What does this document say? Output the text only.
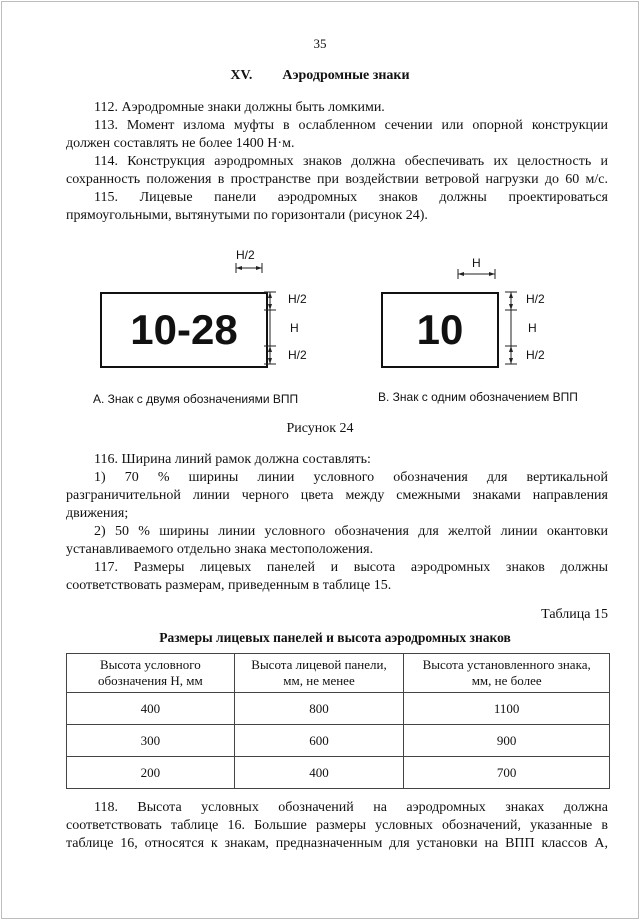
35
XV. Аэродромные знаки
112. Аэродромные знаки должны быть ломкими.
113. Момент излома муфты в ослабленном сечении или опорной конструкции
должен составлять не более 1400 Н·м.
114. Конструкция аэродромных знаков должна обеспечивать их целостность и
сохранность положения в пространстве при воздействии ветровой нагрузки до 60 м/с.
115. Лицевые панели аэродромных знаков должны проектироваться
прямоугольными, вытянутыми по горизонтали (рисунок 24).
10-28	10
H/2
H/2
H
H/2
H
H/2
H
H/2
А. Знак с двумя обозначениями ВПП	В. Знак с одним обозначением ВПП
Рисунок 24
116. Ширина линий рамок должна составлять:
1) 70 % ширины линии условного обозначения для вертикальной
разграничительной линии черного цвета между смежными знаками направления
движения;
2) 50 % ширины линии условного обозначения для желтой линии окантовки
устанавливаемого отдельно знака местоположения.
117. Размеры лицевых панелей и высота аэродромных знаков должны
соответствовать размерам, приведенным в таблице 15.
Таблица 15
Размеры лицевых панелей и высота аэродромных знаков
Высота условного
обозначения Н, мм	Высота лицевой панели,
мм, не менее	Высота установленного знака,
мм, не более
400	800	1100
300	600	900
200	400	700
118. Высота условных обозначений на аэродромных знаках должна
соответствовать таблице 16. Большие размеры условных обозначений, указанные в
таблице 16, относятся к знакам, предназначенным для установки на ВПП классов А,
